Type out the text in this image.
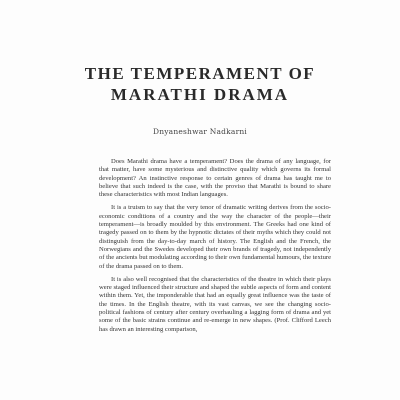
THE TEMPERAMENT OF
MARATHI DRAMA
Dnyaneshwar Nadkarni

Does Marathi drama have a temperament? Does the drama of any language, for that matter, have some mysterious and distinctive quality which governs its formal development? An instinctive response to certain genres of drama has taught me to believe that such indeed is the case, with the proviso that Marathi is bound to share these characteristics with most Indian languages.

It is a truism to say that the very tenor of dramatic writing derives from the socio-economic conditions of a country and the way the character of the people—their temperament—is broadly moulded by this environment. The Greeks had one kind of tragedy passed on to them by the hypnotic dictates of their myths which they could not distinguish from the day-to-day march of history. The English and the French, the Norwegians and the Swedes developed their own brands of tragedy, not independently of the ancients but modulating according to their own fundamental humours, the texture of the drama passed on to them.

It is also well recognised that the characteristics of the theatre in which their plays were staged influenced their structure and shaped the subtle aspects of form and content within them. Yet, the imponderable that had an equally great influence was the taste of the times. In the English theatre, with its vast canvas, we see the changing socio-political fashions of century after century overhauling a lagging form of drama and yet some of the basic strains continue and re-emerge in new shapes. (Prof. Clifford Leech has drawn an interesting comparison,
